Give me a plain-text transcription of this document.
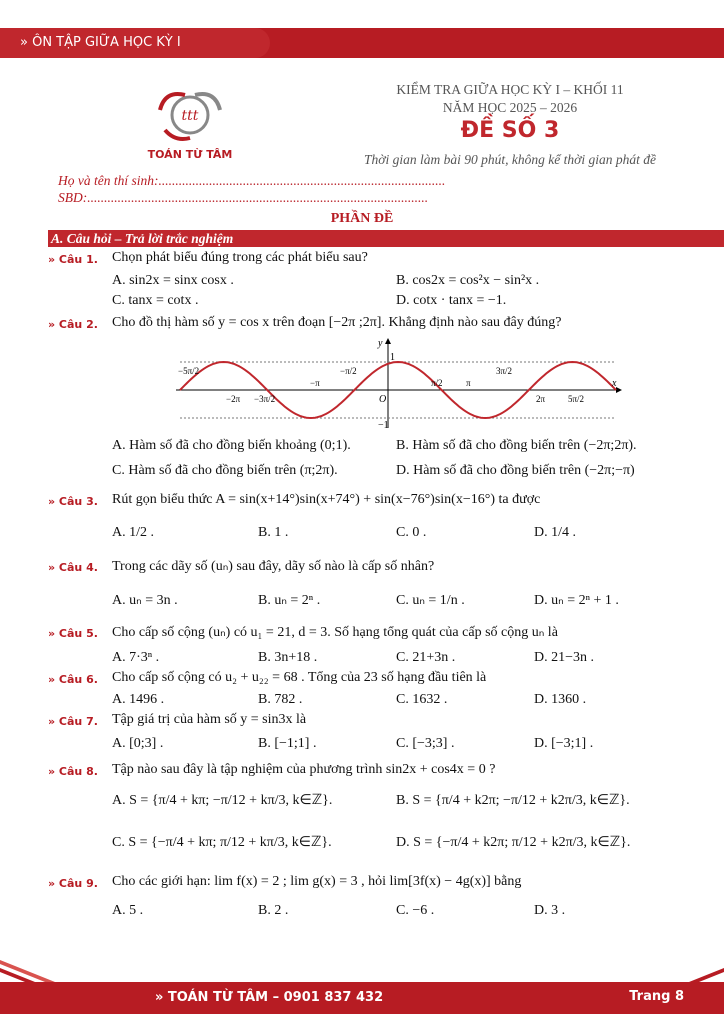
» ÔN TẬP GIỮA HỌC KỲ I
ttt
TOÁN TỪ TÂM
KIỂM TRA GIỮA HỌC KỲ I – KHỐI 11
NĂM HỌC 2025 – 2026
ĐỀ SỐ 3
Thời gian làm bài 90 phút, không kể thời gian phát đề
Họ và tên thí sinh:.....................................................................................
SBD:.....................................................................................................
PHẦN ĐỀ
A. Câu hỏi – Trả lời trắc nghiệm
» Câu 1. Chọn phát biểu đúng trong các phát biểu sau?
A. sin2x = sinx cosx .	B. cos2x = cos²x − sin²x .
C. tanx = cotx .	D. cotx · tanx = −1.
» Câu 2. Cho đồ thị hàm số y = cos x trên đoạn [−2π ;2π]. Khẳng định nào sau đây đúng?
x
y
1
−1
−5π/2
−2π −3π/2
−π
−π/2
O
π/2	π
3π/2
2π	5π/2
A. Hàm số đã cho đồng biến khoảng (0;1).	B. Hàm số đã cho đồng biến trên (−2π;2π).
C. Hàm số đã cho đồng biến trên (π;2π).	D. Hàm số đã cho đồng biến trên (−2π;−π)
» Câu 3. Rút gọn biểu thức A = sin(x+14°)sin(x+74°) + sin(x−76°)sin(x−16°) ta được
A. 1/2 .	B. 1 .	C. 0 .	D. 1/4 .
» Câu 4. Trong các dãy số (uₙ) sau đây, dãy số nào là cấp số nhân?
A. uₙ = 3n .	B. uₙ = 2ⁿ .	C. uₙ = 1/n .	D. uₙ = 2ⁿ + 1 .
» Câu 5. Cho cấp số cộng (uₙ) có u₁ = 21, d = 3. Số hạng tổng quát của cấp số cộng uₙ là
A. 7·3ⁿ .	B. 3n+18 .	C. 21+3n .	D. 21−3n .
» Câu 6. Cho cấp số cộng có u₂ + u₂₂ = 68 . Tổng của 23 số hạng đầu tiên là
A. 1496 .	B. 782 .	C. 1632 .	D. 1360 .
» Câu 7. Tập giá trị của hàm số y = sin3x là
A. [0;3] .	B. [−1;1] .	C. [−3;3] .	D. [−3;1] .
» Câu 8. Tập nào sau đây là tập nghiệm của phương trình sin2x + cos4x = 0 ?
A. S = {π/4 + kπ; −π/12 + kπ/3, k∈ℤ}.	B. S = {π/4 + k2π; −π/12 + k2π/3, k∈ℤ}.
C. S = {−π/4 + kπ; π/12 + kπ/3, k∈ℤ}.	D. S = {−π/4 + k2π; π/12 + k2π/3, k∈ℤ}.
» Câu 9. Cho các giới hạn: lim f(x) = 2 ; lim g(x) = 3 , hỏi lim[3f(x) − 4g(x)] bằng
A. 5 .	B. 2 .	C. −6 .	D. 3 .
» TOÁN TỪ TÂM – 0901 837 432	Trang 8
